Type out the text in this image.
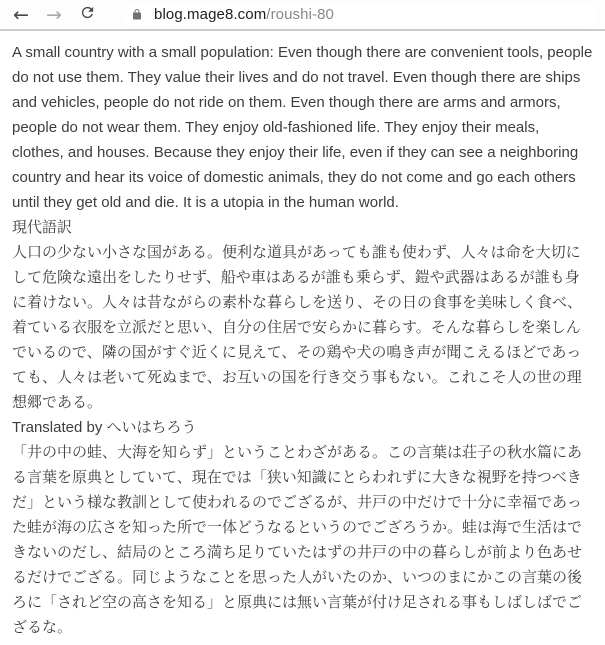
← →	blog.mage8.com/roushi-80

A small country with a small population: Even though there are convenient tools, people do not use them. They value their lives and do not travel. Even though there are ships and vehicles, people do not ride on them. Even though there are arms and armors, people do not wear them. They enjoy old-fashioned life. They enjoy their meals, clothes, and houses. Because they enjoy their life, even if they can see a neighboring country and hear its voice of domestic animals, they do not come and go each others until they get old and die. It is a utopia in the human world.

現代語訳

人口の少ない小さな国がある。便利な道具があっても誰も使わず、人々は命を大切にして危険な遠出をしたりせず、船や車はあるが誰も乗らず、鎧や武器はあるが誰も身に着けない。人々は昔ながらの素朴な暮らしを送り、その日の食事を美味しく食べ、着ている衣服を立派だと思い、自分の住居で安らかに暮らす。そんな暮らしを楽しんでいるので、隣の国がすぐ近くに見えて、その鶏や犬の鳴き声が聞こえるほどであっても、人々は老いて死ぬまで、お互いの国を行き交う事もない。これこそ人の世の理想郷である。

Translated by へいはちろう

「井の中の蛙、大海を知らず」ということわざがある。この言葉は荘子の秋水篇にある言葉を原典としていて、現在では「狭い知識にとらわれずに大きな視野を持つべきだ」という様な教訓として使われるのでござるが、井戸の中だけで十分に幸福であった蛙が海の広さを知った所で一体どうなるというのでござろうか。蛙は海で生活はできないのだし、結局のところ満ち足りていたはずの井戸の中の暮らしが前より色あせるだけでござる。同じようなことを思った人がいたのか、いつのまにかこの言葉の後ろに「されど空の高さを知る」と原典には無い言葉が付け足される事もしばしばでござるな。
